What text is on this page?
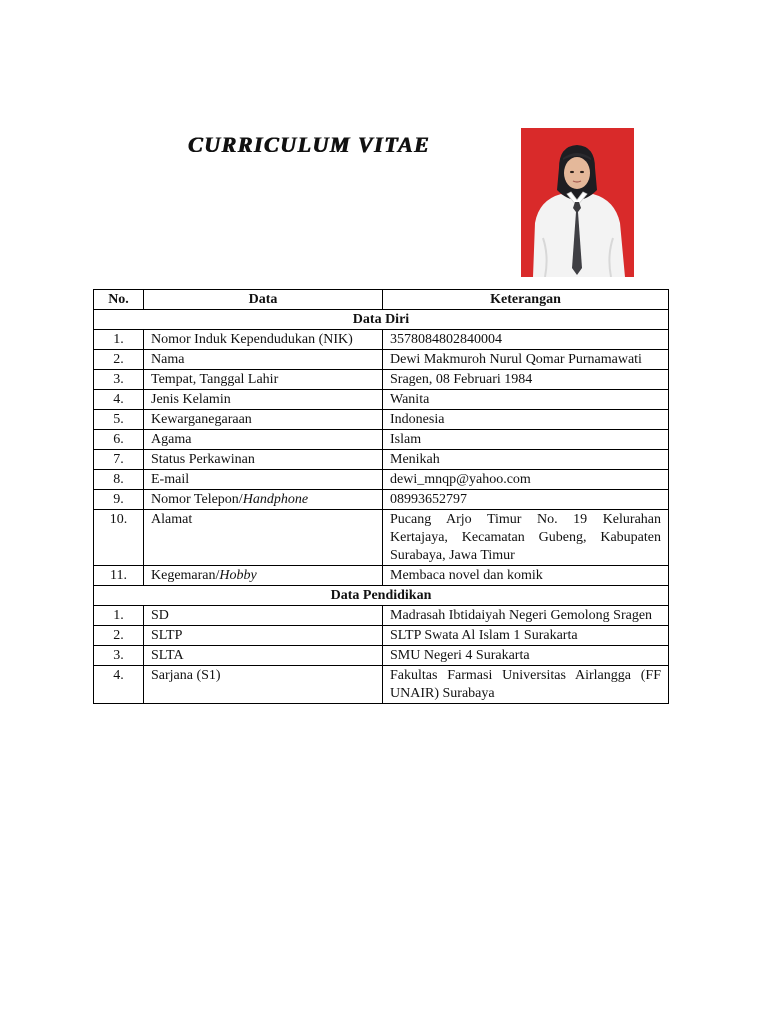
CURRICULUM VITAE
No.	Data	Keterangan
Data Diri		
1.	Nomor Induk Kependudukan (NIK)	3578084802840004
2.	Nama	Dewi Makmuroh Nurul Qomar Purnamawati
3.	Tempat, Tanggal Lahir	Sragen, 08 Februari 1984
4.	Jenis Kelamin	Wanita
5.	Kewarganegaraan	Indonesia
6.	Agama	Islam
7.	Status Perkawinan	Menikah
8.	E-mail	dewi_mnqp@yahoo.com
9.	Nomor Telepon/Handphone	08993652797
10.	Alamat	Pucang Arjo Timur No. 19 Kelurahan Kertajaya, Kecamatan Gubeng, Kabupaten Surabaya, Jawa Timur
11.	Kegemaran/Hobby	Membaca novel dan komik
Data Pendidikan		
1.	SD	Madrasah Ibtidaiyah Negeri Gemolong Sragen
2.	SLTP	SLTP Swata Al Islam 1 Surakarta
3.	SLTA	SMU Negeri 4 Surakarta
4.	Sarjana (S1)	Fakultas Farmasi Universitas Airlangga (FF UNAIR) Surabaya
